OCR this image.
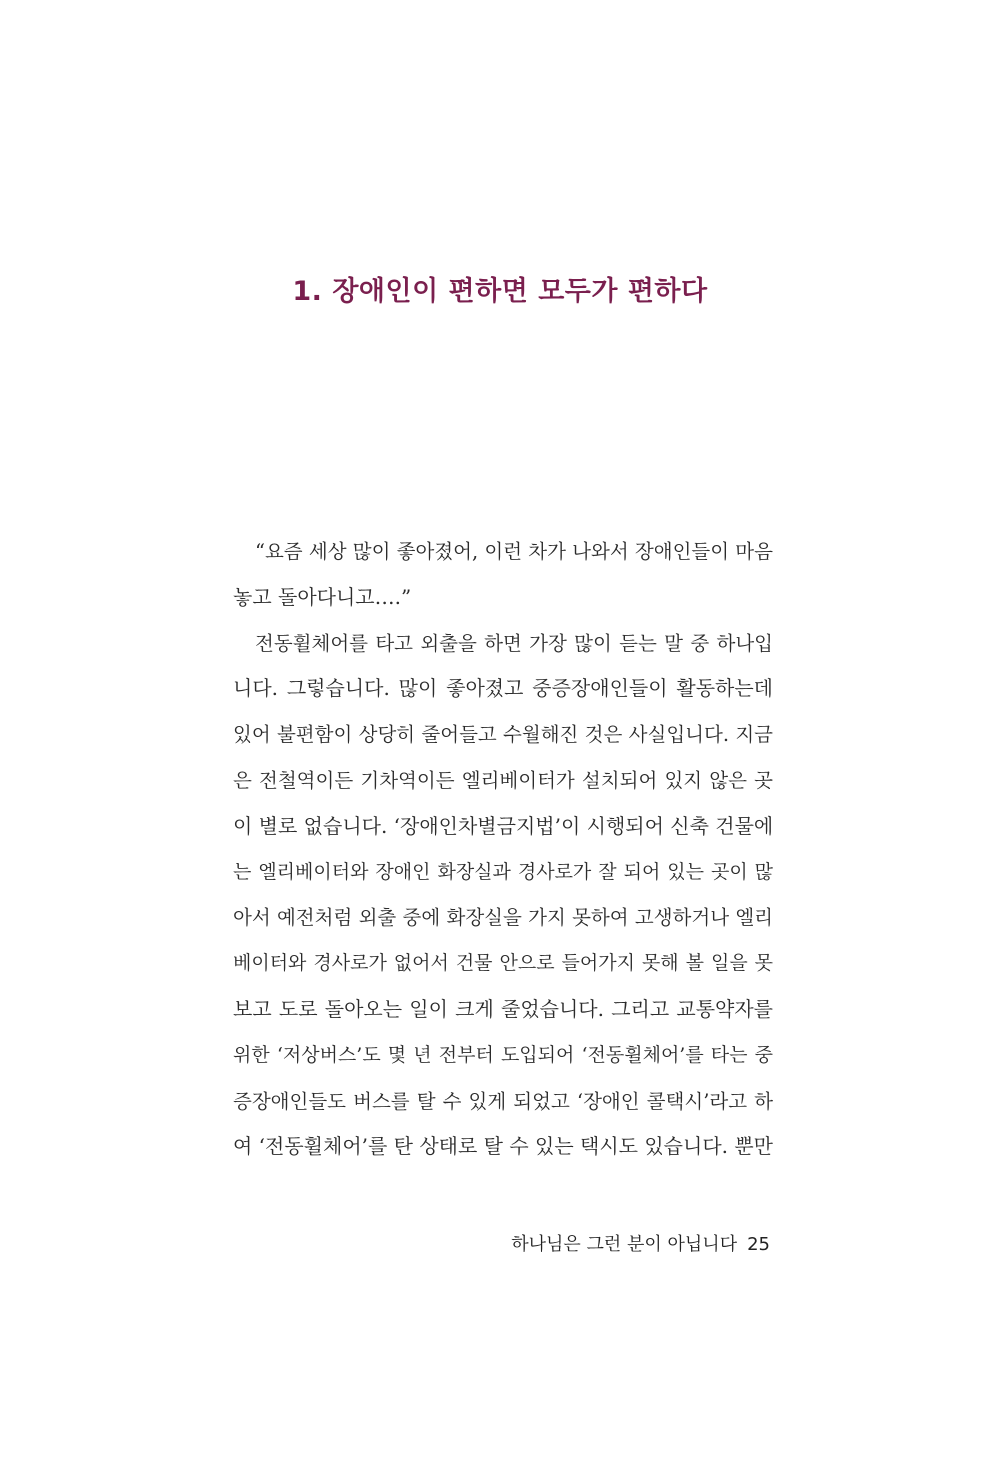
1. 장애인이 편하면 모두가 편하다
“요즘 세상 많이 좋아졌어, 이런 차가 나와서 장애인들이 마음
놓고 돌아다니고….”
전동휠체어를 타고 외출을 하면 가장 많이 듣는 말 중 하나입
니다. 그렇습니다. 많이 좋아졌고 중증장애인들이 활동하는데
있어 불편함이 상당히 줄어들고 수월해진 것은 사실입니다. 지금
은 전철역이든 기차역이든 엘리베이터가 설치되어 있지 않은 곳
이 별로 없습니다. ‘장애인차별금지법’이 시행되어 신축 건물에
는 엘리베이터와 장애인 화장실과 경사로가 잘 되어 있는 곳이 많
아서 예전처럼 외출 중에 화장실을 가지 못하여 고생하거나 엘리
베이터와 경사로가 없어서 건물 안으로 들어가지 못해 볼 일을 못
보고 도로 돌아오는 일이 크게 줄었습니다. 그리고 교통약자를
위한 ‘저상버스’도 몇 년 전부터 도입되어 ‘전동휠체어’를 타는 중
증장애인들도 버스를 탈 수 있게 되었고 ‘장애인 콜택시’라고 하
여 ‘전동휠체어’를 탄 상태로 탈 수 있는 택시도 있습니다. 뿐만
하나님은 그런 분이 아닙니다 25
